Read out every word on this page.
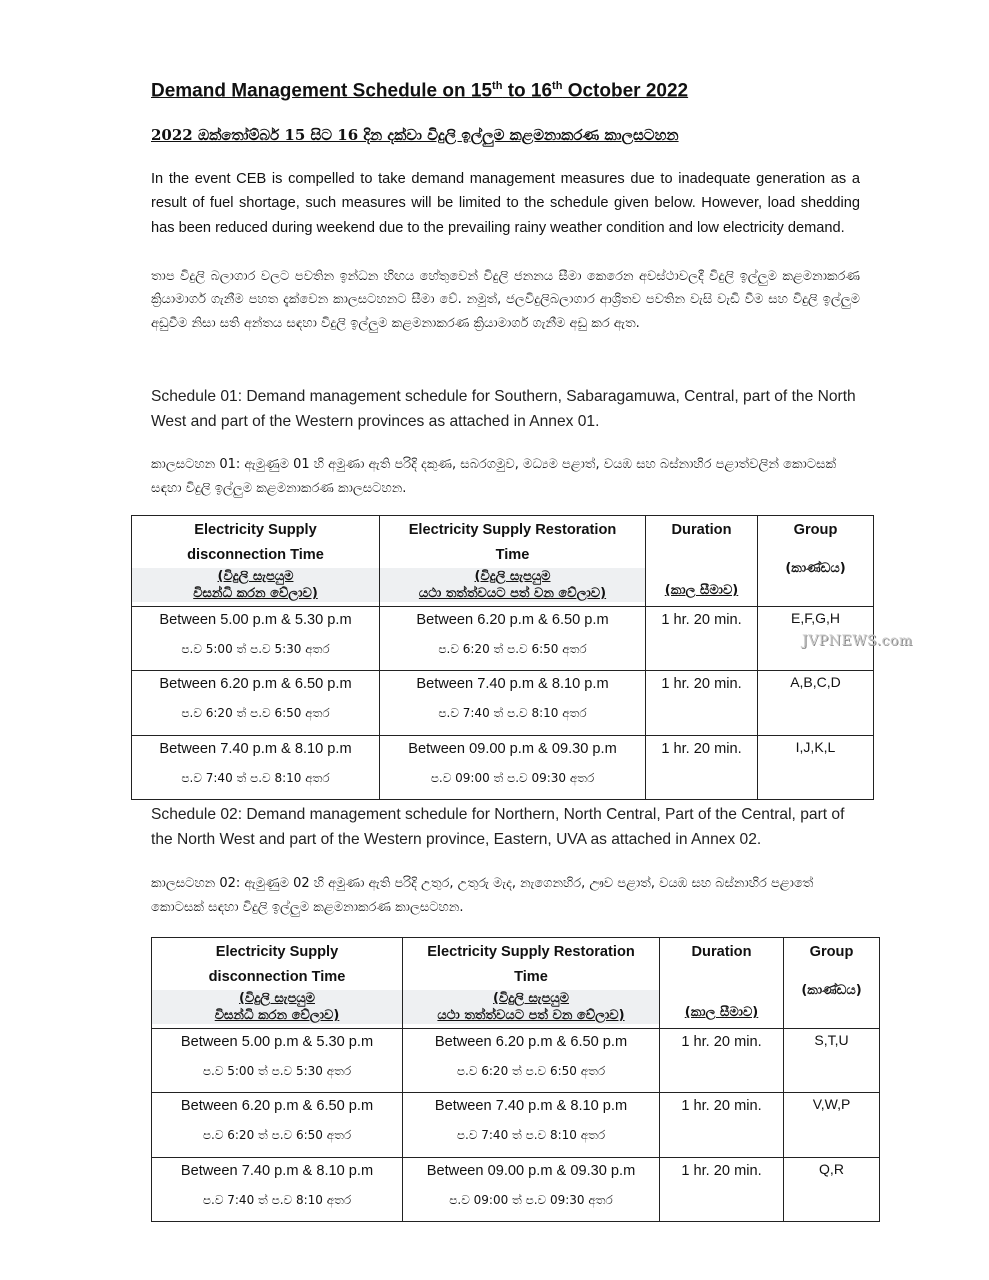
Demand Management Schedule on 15th to 16th October 2022
2022 ඔක්තෝම්බර් 15 සිට 16 දින දක්වා විදුලි ඉල්ලුම කළමනාකරණ කාලසටහන
In the event CEB is compelled to take demand management measures due to inadequate generation as a result of fuel shortage, such measures will be limited to the schedule given below. However, load shedding has been reduced during weekend due to the prevailing rainy weather condition and low electricity demand.
තාප විදුලි බලාගාර වලට පවතින ඉන්ධන හිඟය හේතුවෙන් විදුලි ජනනය සීමා කෙරෙන අවස්ථාවලදී විදුලි ඉල්ලුම කළමනාකරණ ක්‍රියාමාර්ග ගැනීම පහත දැක්වෙන කාලසටහනට සීමා වේ. නමුත්, ජලවිදුලිබලාගාර ආශ්‍රිතව පවතින වැසි වැඩි වීම සහ විදුලි ඉල්ලුම අඩුවීම නිසා සති අන්තය සඳහා විදුලි ඉල්ලුම කළමනාකරණ ක්‍රියාමාර්ග ගැනීම අඩු කර ඇත.
Schedule 01: Demand management schedule for Southern, Sabaragamuwa, Central, part of the North West and part of the Western provinces as attached in Annex 01.
කාලසටහන 01: ඇමුණුම 01 හි අමුණා ඇති පරිදි දකුණ, සබරගමුව, මධ්‍යම පළාත්, වයඹ සහ බස්නාහිර පළාත්වලින් කොටසක් සඳහා විදුලි ඉල්ලුම කළමනාකරණ කාලසටහන.
Electricity Supply
disconnection Time
(විදුලි සැපයුම
විසන්ධි කරන වේලාව)	Electricity Supply Restoration
Time
(විදුලි සැපයුම
යථා තත්ත්වයට පත් වන වේලාව)	Duration
(කාල සීමාව)	Group
(කාණ්ඩය)

Between 5.00 p.m & 5.30 p.m
ප.ව 5:00 ත් ප.ව 5:30 අතර	Between 6.20 p.m & 6.50 p.m
ප.ව 6:20 ත් ප.ව 6:50 අතර	1 hr. 20 min.	E,F,G,H

Between 6.20 p.m & 6.50 p.m
ප.ව 6:20 ත් ප.ව 6:50 අතර	Between 7.40 p.m & 8.10 p.m
ප.ව 7:40 ත් ප.ව 8:10 අතර	1 hr. 20 min.	A,B,C,D

Between 7.40 p.m & 8.10 p.m
ප.ව 7:40 ත් ප.ව 8:10 අතර	Between 09.00 p.m & 09.30 p.m
ප.ව 09:00 ත් ප.ව 09:30 අතර	1 hr. 20 min.	I,J,K,L
JVPNEWS.com
Schedule 02: Demand management schedule for Northern, North Central, Part of the Central, part of the North West and part of the Western province, Eastern, UVA as attached in Annex 02.
කාලසටහන 02: ඇමුණුම 02 හි අමුණා ඇති පරිදි උතුර, උතුරු මැද, නැගෙනහිර, ඌව පළාත්, වයඹ සහ බස්නාහිර පළාතේ කොටසක් සඳහා විදුලි ඉල්ලුම කළමනාකරණ කාලසටහන.
Electricity Supply
disconnection Time
(විදුලි සැපයුම
විසන්ධි කරන වේලාව)	Electricity Supply Restoration
Time
(විදුලි සැපයුම
යථා තත්ත්වයට පත් වන වේලාව)	Duration
(කාල සීමාව)	Group
(කාණ්ඩය)

Between 5.00 p.m & 5.30 p.m
ප.ව 5:00 ත් ප.ව 5:30 අතර	Between 6.20 p.m & 6.50 p.m
ප.ව 6:20 ත් ප.ව 6:50 අතර	1 hr. 20 min.	S,T,U

Between 6.20 p.m & 6.50 p.m
ප.ව 6:20 ත් ප.ව 6:50 අතර	Between 7.40 p.m & 8.10 p.m
ප.ව 7:40 ත් ප.ව 8:10 අතර	1 hr. 20 min.	V,W,P

Between 7.40 p.m & 8.10 p.m
ප.ව 7:40 ත් ප.ව 8:10 අතර	Between 09.00 p.m & 09.30 p.m
ප.ව 09:00 ත් ප.ව 09:30 අතර	1 hr. 20 min.	Q,R
